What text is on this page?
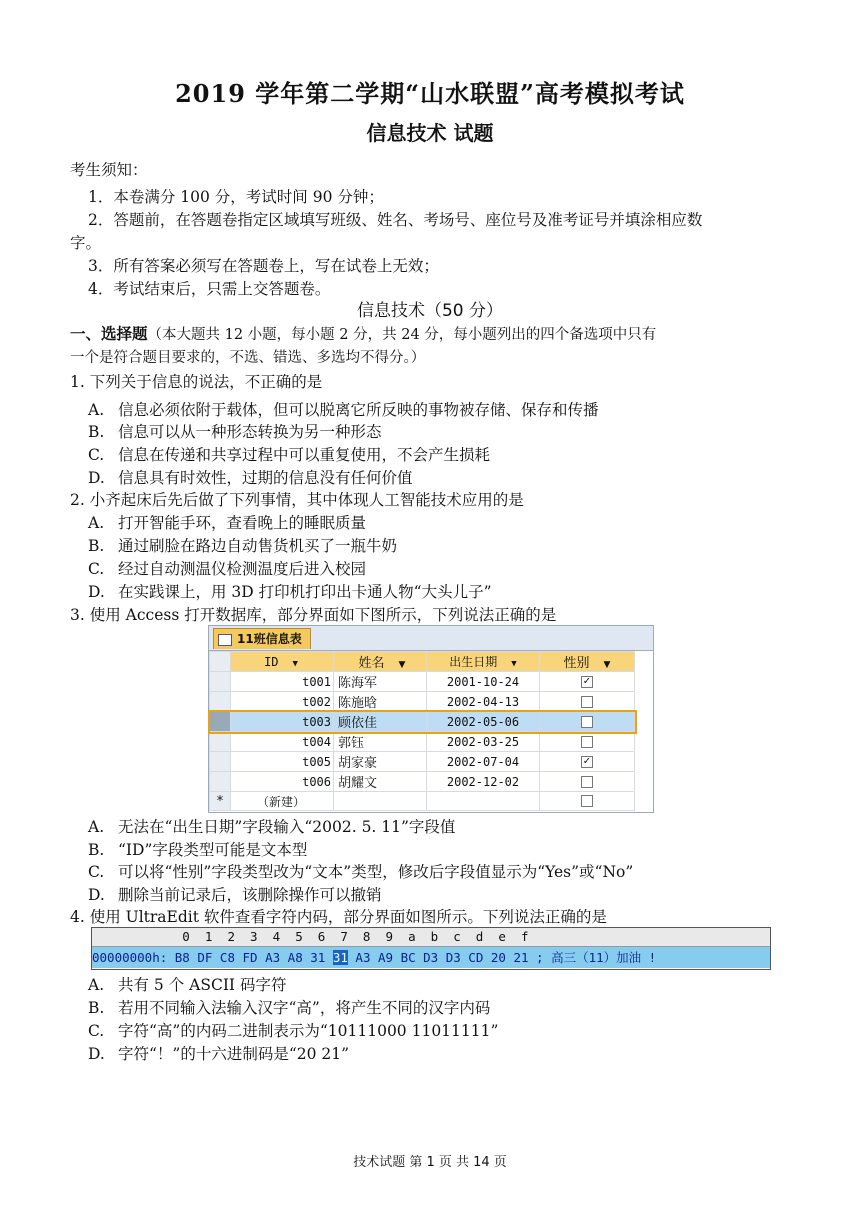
2019 学年第二学期“山水联盟”高考模拟考试
信息技术 试题
考生须知：
1．本卷满分 100 分，考试时间 90 分钟；
2．答题前，在答题卷指定区域填写班级、姓名、考场号、座位号及准考证号并填涂相应数
字。
3．所有答案必须写在答题卷上，写在试卷上无效；
4．考试结束后，只需上交答题卷。
信息技术（50 分）
一、选择题（本大题共 12 小题，每小题 2 分，共 24 分，每小题列出的四个备选项中只有
一个是符合题目要求的，不选、错选、多选均不得分。）
1. 下列关于信息的说法，不正确的是
A. 信息必须依附于载体，但可以脱离它所反映的事物被存储、保存和传播
B. 信息可以从一种形态转换为另一种形态
C. 信息在传递和共享过程中可以重复使用，不会产生损耗
D. 信息具有时效性，过期的信息没有任何价值
2. 小齐起床后先后做了下列事情，其中体现人工智能技术应用的是
A. 打开智能手环，查看晚上的睡眠质量
B. 通过刷脸在路边自动售货机买了一瓶牛奶
C. 经过自动测温仪检测温度后进入校园
D. 在实践课上，用 3D 打印机打印出卡通人物“大头儿子”
3. 使用 Access 打开数据库，部分界面如下图所示，下列说法正确的是
11班信息表
	ID ▼	姓名 ▼	出生日期 ▼	性别 ▼
	t001	陈海军	2001-10-24	✓
	t002	陈施晗	2002-04-13	
	t003	顾依佳	2002-05-06	
	t004	郭钰	2002-03-25	
	t005	胡家豪	2002-07-04	✓
	t006	胡耀文	2002-12-02	
*	（新建）			
A. 无法在“出生日期”字段输入“2002. 5. 11”字段值
B. “ID”字段类型可能是文本型
C. 可以将“性别”字段类型改为“文本”类型，修改后字段值显示为“Yes”或“No”
D. 删除当前记录后，该删除操作可以撤销
4. 使用 UltraEdit 软件查看字符内码，部分界面如图所示。下列说法正确的是
0  1  2  3  4  5  6  7  8  9  a  b  c  d  e  f
00000000h: B8 DF C8 FD A3 A8 31 31 A3 A9 BC D3 D3 CD 20 21 ; 高三（11）加油 !
A. 共有 5 个 ASCII 码字符
B. 若用不同输入法输入汉字“高”，将产生不同的汉字内码
C. 字符“高”的内码二进制表示为“10111000 11011111”
D. 字符“！”的十六进制码是“20 21”
技术试题 第 1 页 共 14 页
